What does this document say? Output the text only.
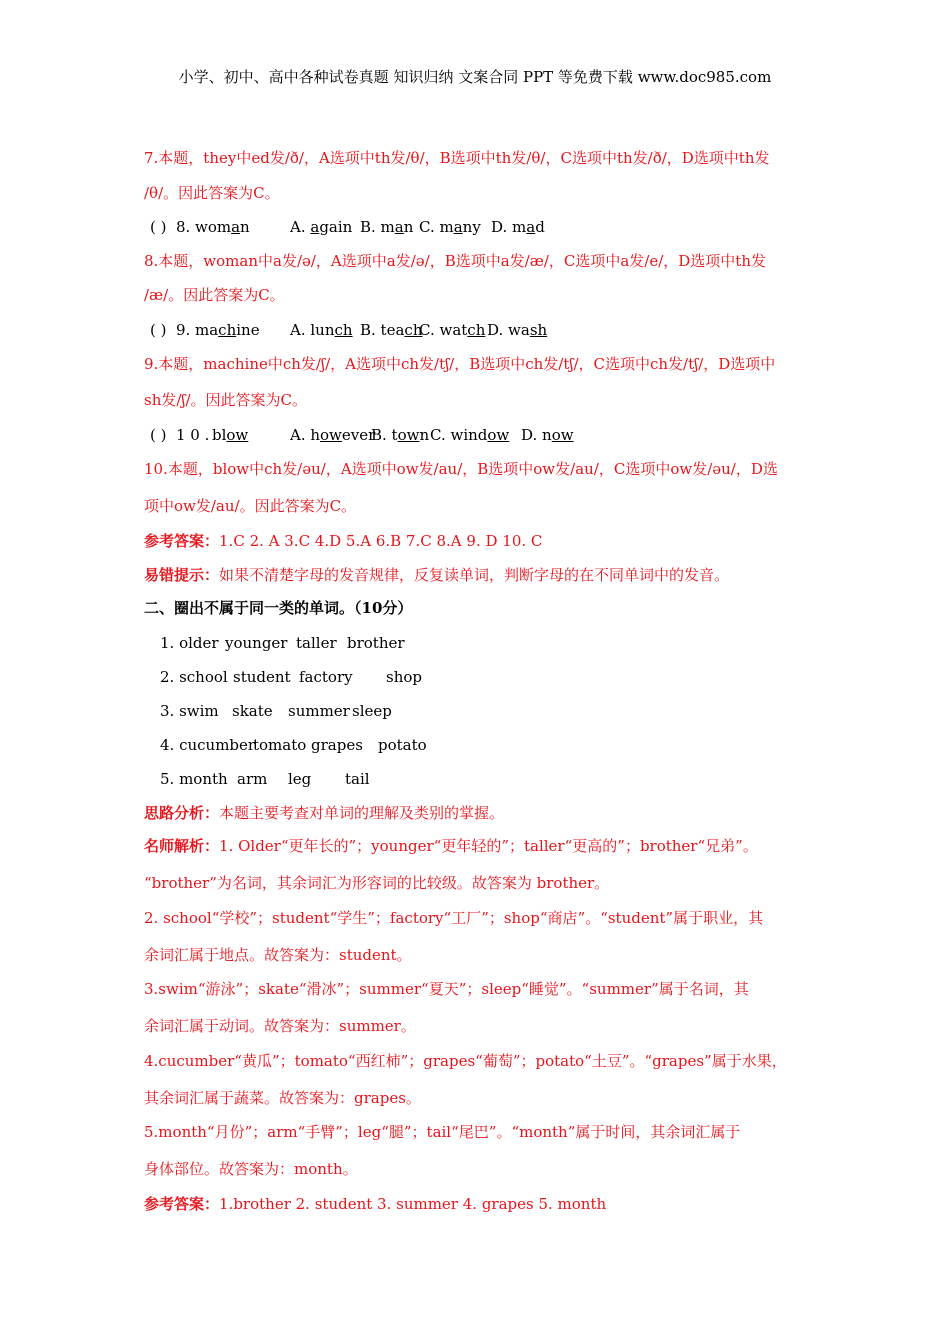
小学、初中、高中各种试卷真题 知识归纳 文案合同 PPT 等免费下载 www.doc985.com
7.本题，they中ed发/ð/，A选项中th发/θ/，B选项中th发/θ/，C选项中th发/ð/，D选项中th发
/θ/。因此答案为C。
( ) 8. woman	A. again B. man C. many D. mad
8.本题，woman中a发/ə/，A选项中a发/ə/，B选项中a发/æ/，C选项中a发/e/，D选项中th发
/æ/。因此答案为C。
( ) 9. machine A. lunch B. teach
C. watch D. wash
9.本题，machine中ch发/ʃ/，A选项中ch发/tʃ/，B选项中ch发/tʃ/，C选项中ch发/tʃ/，D选项中
sh发/ʃ/。因此答案为C。
( ) 1 0 . blow	A. however
B. town C. window D. now
10.本题，blow中ch发/əu/，A选项中ow发/au/，B选项中ow发/au/，C选项中ow发/əu/，D选
项中ow发/au/。因此答案为C。
参考答案：1.C 2. A 3.C 4.D 5.A 6.B 7.C 8.A 9. D 10. C
易错提示：如果不清楚字母的发音规律，反复读单词，判断字母的在不同单词中的发音。
二、圈出不属于同一类的单词。（10分）
1. older younger taller brother
2. school student factory shop
3. swim skate summer sleep
4. cucumber
tomato grapes potato
5. month arm leg tail
思路分析：本题主要考查对单词的理解及类别的掌握。
名师解析：1. Older“更年长的”；younger“更年轻的”；taller“更高的”；brother“兄弟”。
“brother”为名词，其余词汇为形容词的比较级。故答案为 brother。
2. school“学校”；student“学生”；factory“工厂”；shop“商店”。“student”属于职业，其
余词汇属于地点。故答案为：student。
3.swim“游泳”；skate“滑冰”；summer“夏天”；sleep“睡觉”。“summer”属于名词，其
余词汇属于动词。故答案为：summer。
4.cucumber“黄瓜”；tomato“西红柿”；grapes“葡萄”；potato“土豆”。“grapes”属于水果，
其余词汇属于蔬菜。故答案为：grapes。
5.month“月份”；arm“手臂”；leg“腿”；tail“尾巴”。“month”属于时间，其余词汇属于
身体部位。故答案为：month。
参考答案：1.brother 2. student 3. summer 4. grapes 5. month
